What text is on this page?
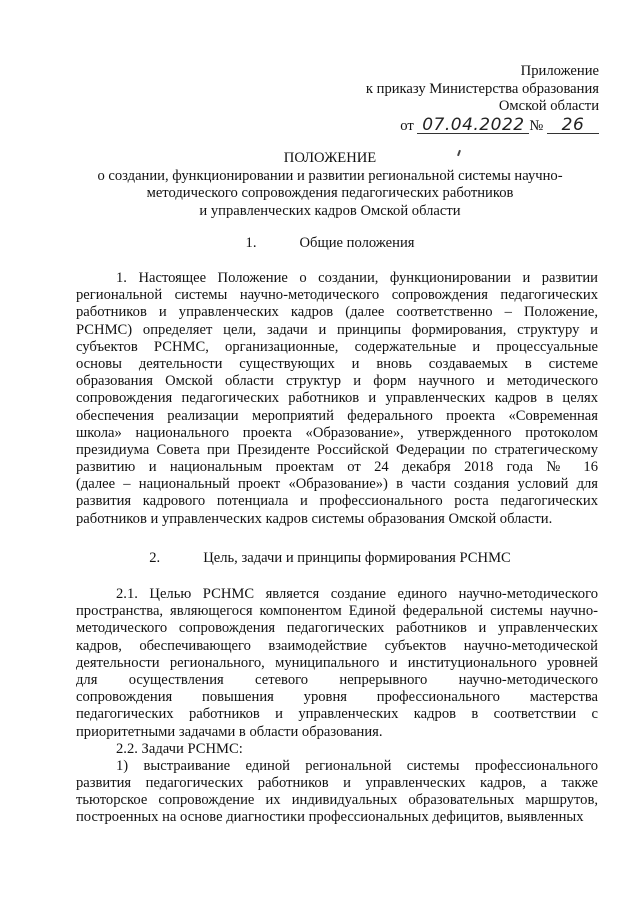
Приложение
к приказу Министерства образования
Омской области
от 07.04.2022 № 26
ПОЛОЖЕНИЕ
о создании, функционировании и развитии региональной системы научно-
методического сопровождения педагогических работников
и управленческих кадров Омской области
1.	Общие положения
1. Настоящее Положение о создании, функционировании и развитии
региональной системы научно-методического сопровождения педагогических
работников и управленческих кадров (далее соответственно – Положение,
РСНМС) определяет цели, задачи и принципы формирования, структуру и
субъектов РСНМС, организационные, содержательные и процессуальные
основы деятельности существующих и вновь создаваемых в системе
образования Омской области структур и форм научного и методического
сопровождения педагогических работников и управленческих кадров в целях
обеспечения реализации мероприятий федерального проекта «Современная
школа» национального проекта «Образование», утвержденного протоколом
президиума Совета при Президенте Российской Федерации по стратегическому
развитию и национальным проектам от 24 декабря 2018 года № 16
(далее – национальный проект «Образование») в части создания условий для
развития кадрового потенциала и профессионального роста педагогических
работников и управленческих кадров системы образования Омской области.
2.	Цель, задачи и принципы формирования РСНМС
2.1. Целью РСНМС является создание единого научно-методического
пространства, являющегося компонентом Единой федеральной системы научно-
методического сопровождения педагогических работников и управленческих
кадров, обеспечивающего взаимодействие субъектов научно-методической
деятельности регионального, муниципального и институционального уровней
для осуществления сетевого непрерывного научно-методического
сопровождения повышения уровня профессионального мастерства
педагогических работников и управленческих кадров в соответствии с
приоритетными задачами в области образования.
2.2. Задачи РСНМС:
1) выстраивание единой региональной системы профессионального
развития педагогических работников и управленческих кадров, а также
тьюторское сопровождение их индивидуальных образовательных маршрутов,
построенных на основе диагностики профессиональных дефицитов, выявленных
